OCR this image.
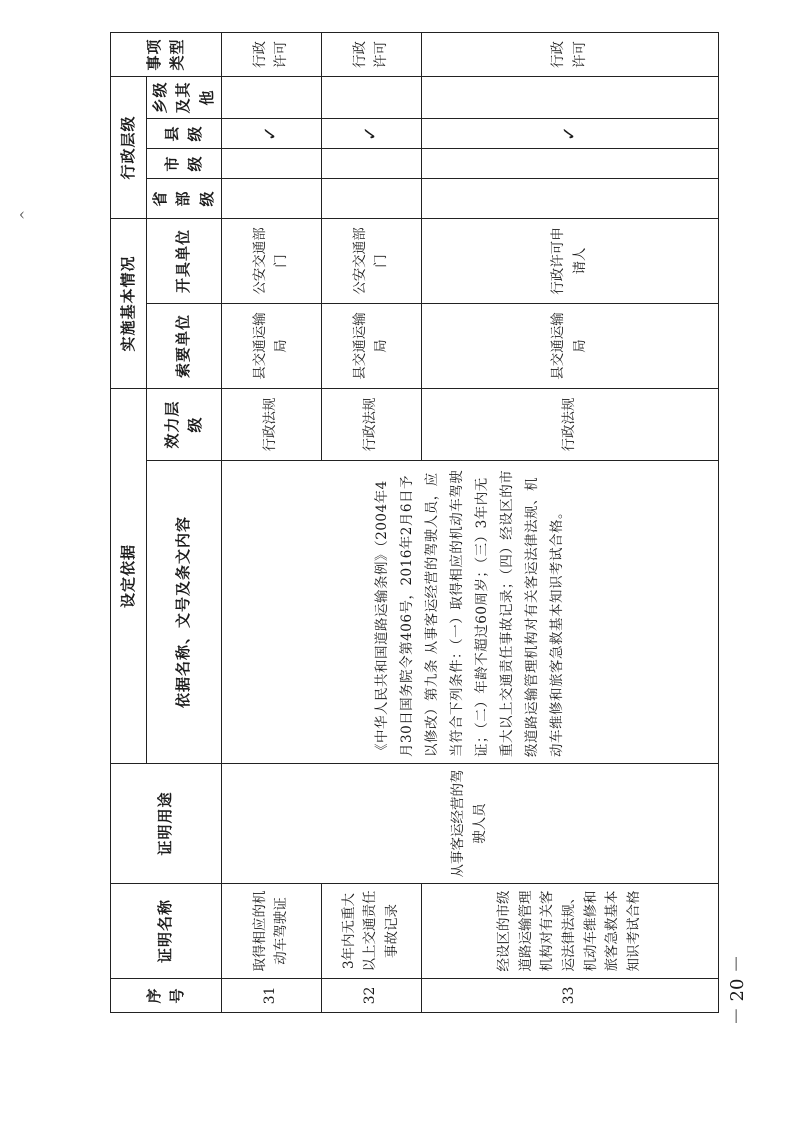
^
序号	证明名称	证明用途	设定依据		实施基本情况		行政层级				事项类型
			依据名称、文号及条文内容	效力层级	索要单位	开具单位	省部级	市级	县级	乡级及其他	
31	取得相应的机动车驾驶证	从事客运经营的驾驶人员	《中华人民共和国道路运输条例》（2004年4月30日国务院令第406号，2016年2月6日予以修改）第九条 从事客运经营的驾驶人员，应当符合下列条件：（一）取得相应的机动车驾驶证；（二）年龄不超过60周岁；（三）3年内无重大以上交通责任事故记录；（四）经设区的市级道路运输管理机构对有关客运法律法规、机动车维修和旅客急救基本知识考试合格。	行政法规	县交通运输局	公安交通部门			✓		行政许可
32	3年内无重大以上交通责任事故记录			行政法规	县交通运输局	公安交通部门			✓		行政许可
33	经设区的市级道路运输管理机构对有关客运法律法规、机动车维修和旅客急救基本知识考试合格			行政法规	县交通运输局	行政许可申请人			✓		行政许可
－ 20 －
